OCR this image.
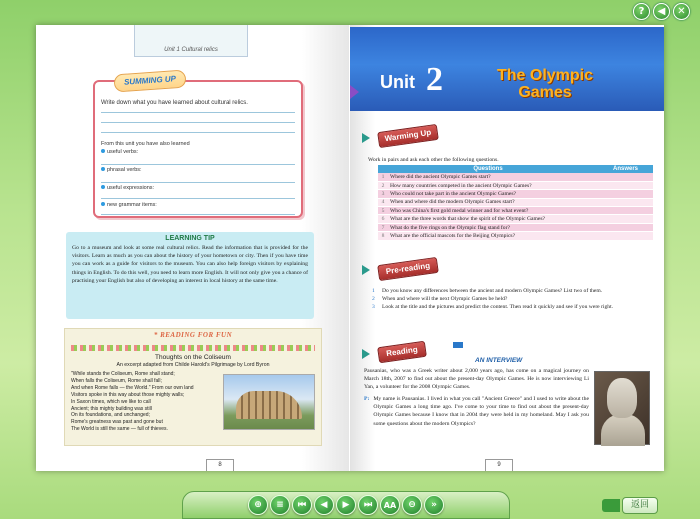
?	◀	✕
Unit 1 Cultural relics
SUMMING UP
Write down what you have learned about cultural relics.
From this unit you have also learned
useful verbs:
phrasal verbs:
useful expressions:
new grammar items:
LEARNING TIP
Go to a museum and look at some real cultural relics. Read the information that is provided for the visitors. Learn as much as you can about the history of your hometown or city. Then if you have time you can work as a guide for visitors to the museum. You can also help foreign visitors by explaining things in English. To do this well, you need to learn more English. It will not only give you a chance of practising your English but also of developing an interest in local history at the same time.
* READING FOR FUN
Thoughts on the Coliseum
An excerpt adapted from Childe Harold's Pilgrimage by Lord Byron
"While stands the Coliseum, Rome shall stand;
When falls the Coliseum, Rome shall fall;
And when Rome falls — the World." From our own land
Visitors spoke in this way about those mighty walls;
In Saxon times, which we like to call
Ancient; this mighty building was still
On its foundations, and unchanged;
Rome's greatness was past and gone but
The World is still the same — full of thieves.
8
Unit 2	The Olympic Games
Warming Up
Work in pairs and ask each other the following questions.
Questions		Answers
1	Where did the ancient Olympic Games start?	
2	How many countries competed in the ancient Olympic Games?	
3	Who could not take part in the ancient Olympic Games?	
4	When and where did the modern Olympic Games start?	
5	Who was China's first gold medal winner and for what event?	
6	What are the three words that show the spirit of the Olympic Games?	
7	What do the five rings on the Olympic flag stand for?	
8	What are the official mascots for the Beijing Olympics?	
Pre-reading
1	Do you know any differences between the ancient and modern Olympic Games? List two of them.
2	When and where will the next Olympic Games be held?
3	Look at the title and the pictures and predict the content. Then read it quickly and see if you were right.
Reading
AN INTERVIEW
Pausanias, who was a Greek writer about 2,000 years ago, has come on a magical journey on March 18th, 2007 to find out about the present-day Olympic Games. He is now interviewing Li Yan, a volunteer for the 2008 Olympic Games.
P: My name is Pausanias. I lived in what you call "Ancient Greece" and I used to write about the Olympic Games a long time ago. I've come to your time to find out about the present-day Olympic Games because I know that in 2004 they were held in my homeland. May I ask you some questions about the modern Olympics?
9
⊕	≡	⏮	◀	▶	⏭	AA	⊖	»	返回
